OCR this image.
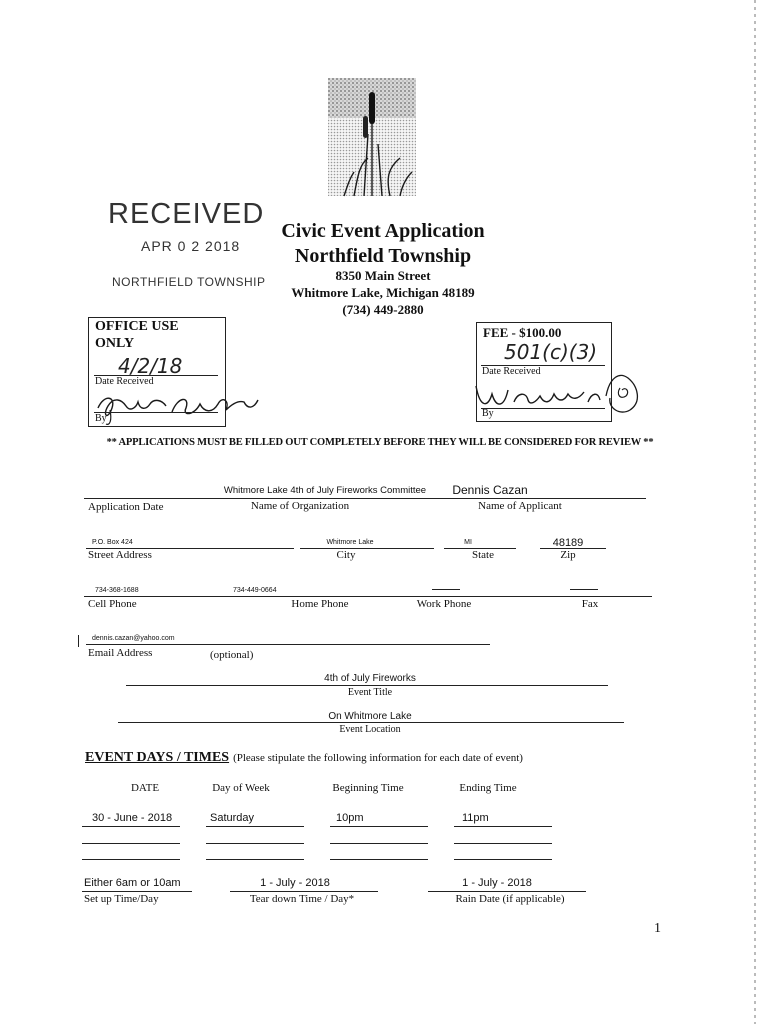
RECEIVED
APR 0 2 2018
NORTHFIELD TOWNSHIP
Civic Event Application
Northfield Township
8350 Main Street
Whitmore Lake, Michigan 48189
(734) 449-2880
OFFICE USE
ONLY
4/2/18
Date Received
By
FEE - $100.00
501(c)(3)
Date Received
By
** APPLICATIONS MUST BE FILLED OUT COMPLETELY BEFORE THEY WILL BE CONSIDERED FOR REVIEW **
Whitmore Lake 4th of July Fireworks Committee	Dennis Cazan
Application Date	Name of Organization	Name of Applicant
P.O. Box 424	Whitmore Lake	MI	48189
Street Address	City	State	Zip
734-368-1688	734-449-0664
Cell Phone	Home Phone	Work Phone	Fax
dennis.cazan@yahoo.com
Email Address	(optional)
4th of July Fireworks
Event Title
On Whitmore Lake
Event Location
EVENT DAYS / TIMES (Please stipulate the following information for each date of event)
DATE	Day of Week	Beginning Time	Ending Time
30 - June - 2018	Saturday	10pm	11pm
Either 6am or 10am	1 - July - 2018	1 - July - 2018
Set up Time/Day	Tear down Time / Day*	Rain Date (if applicable)
1
